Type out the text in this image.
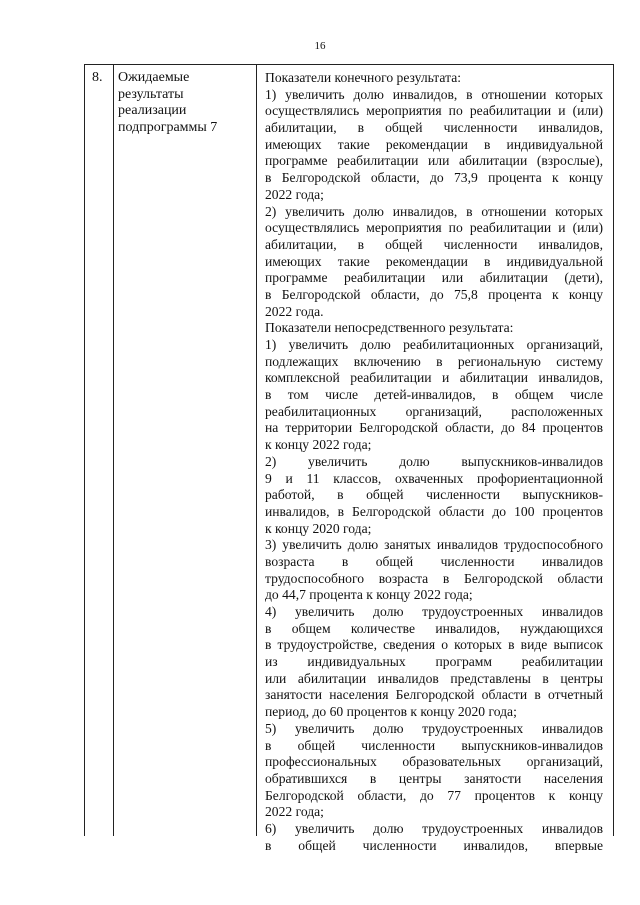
16
8. Ожидаемые
результаты
реализации
подпрограммы 7
Показатели конечного результата:
1) увеличить долю инвалидов, в отношении которых
осуществлялись мероприятия по реабилитации и (или)
абилитации, в общей численности инвалидов,
имеющих такие рекомендации в индивидуальной
программе реабилитации или абилитации (взрослые),
в Белгородской области, до 73,9 процента к концу
2022 года;
2) увеличить долю инвалидов, в отношении которых
осуществлялись мероприятия по реабилитации и (или)
абилитации, в общей численности инвалидов,
имеющих такие рекомендации в индивидуальной
программе реабилитации или абилитации (дети),
в Белгородской области, до 75,8 процента к концу
2022 года.
Показатели непосредственного результата:
1) увеличить долю реабилитационных организаций,
подлежащих включению в региональную систему
комплексной реабилитации и абилитации инвалидов,
в том числе детей-инвалидов, в общем числе
реабилитационных организаций, расположенных
на территории Белгородской области, до 84 процентов
к концу 2022 года;
2) увеличить долю выпускников-инвалидов
9 и 11 классов, охваченных профориентационной
работой, в общей численности выпускников-
инвалидов, в Белгородской области до 100 процентов
к концу 2020 года;
3) увеличить долю занятых инвалидов трудоспособного
возраста в общей численности инвалидов
трудоспособного возраста в Белгородской области
до 44,7 процента к концу 2022 года;
4) увеличить долю трудоустроенных инвалидов
в общем количестве инвалидов, нуждающихся
в трудоустройстве, сведения о которых в виде выписок
из индивидуальных программ реабилитации
или абилитации инвалидов представлены в центры
занятости населения Белгородской области в отчетный
период, до 60 процентов к концу 2020 года;
5) увеличить долю трудоустроенных инвалидов
в общей численности выпускников-инвалидов
профессиональных образовательных организаций,
обратившихся в центры занятости населения
Белгородской области, до 77 процентов к концу
2022 года;
6) увеличить долю трудоустроенных инвалидов
в общей численности инвалидов, впервые
